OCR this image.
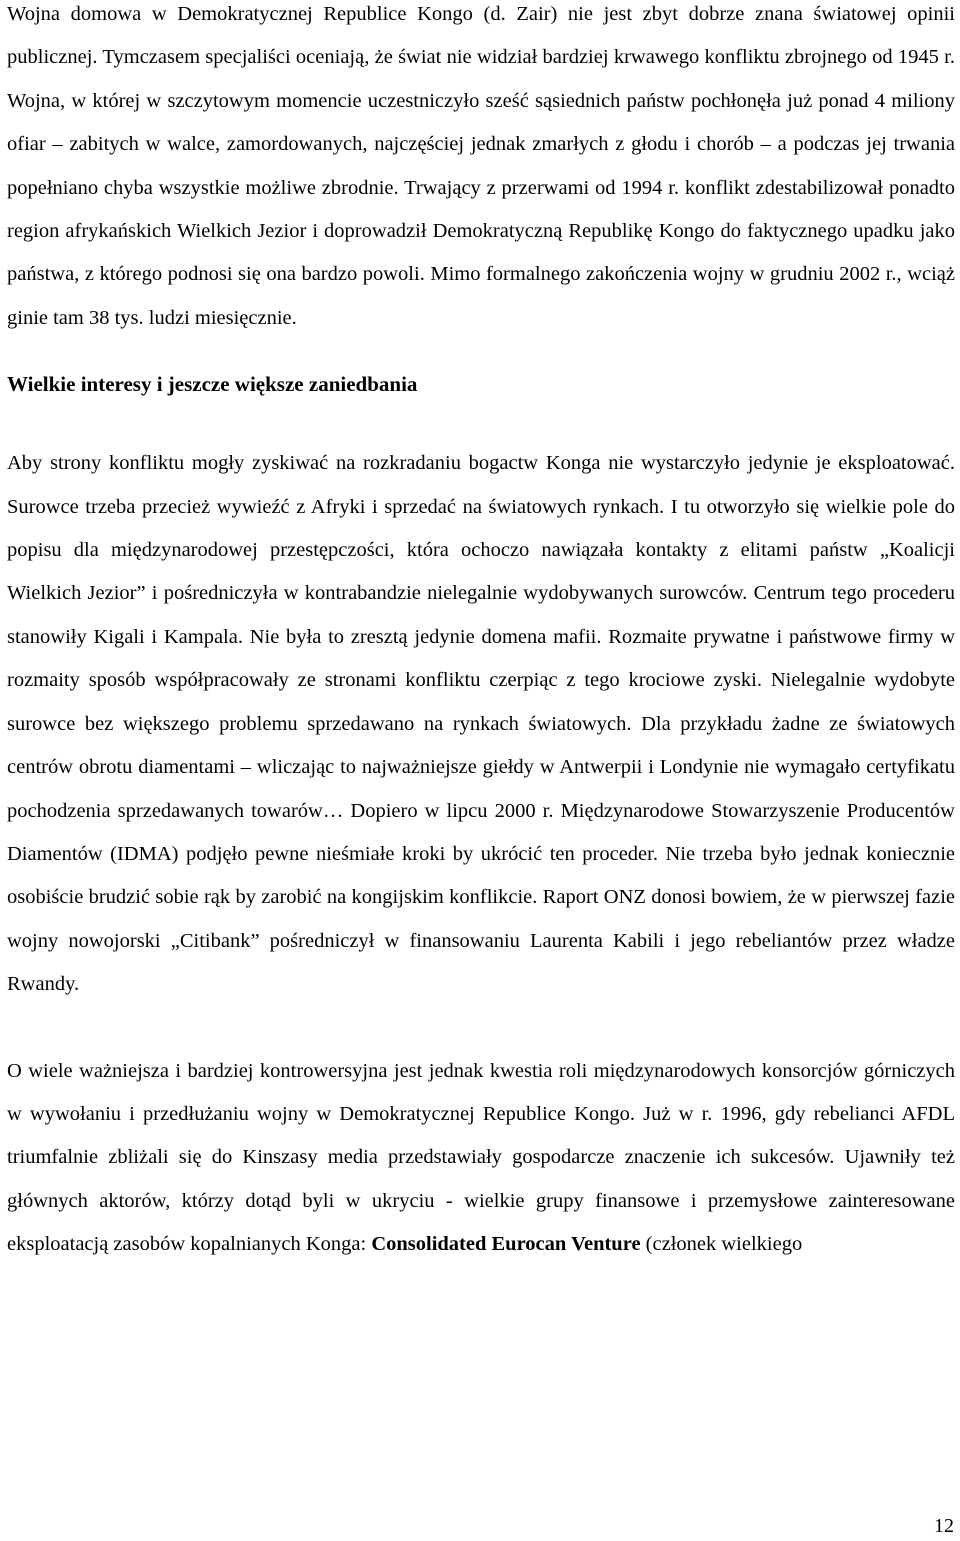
Wojna domowa w Demokratycznej Republice Kongo (d. Zair) nie jest zbyt dobrze znana światowej opinii publicznej. Tymczasem specjaliści oceniają, że świat nie widział bardziej krwawego konfliktu zbrojnego od 1945 r. Wojna, w której w szczytowym momencie uczestniczyło sześć sąsiednich państw pochłonęła już ponad 4 miliony ofiar – zabitych w walce, zamordowanych, najczęściej jednak zmarłych z głodu i chorób – a podczas jej trwania popełniano chyba wszystkie możliwe zbrodnie. Trwający z przerwami od 1994 r. konflikt zdestabilizował ponadto region afrykańskich Wielkich Jezior i doprowadził Demokratyczną Republikę Kongo do faktycznego upadku jako państwa, z którego podnosi się ona bardzo powoli. Mimo formalnego zakończenia wojny w grudniu 2002 r., wciąż ginie tam 38 tys. ludzi miesięcznie.

Wielkie interesy i jeszcze większe zaniedbania

Aby strony konfliktu mogły zyskiwać na rozkradaniu bogactw Konga nie wystarczyło jedynie je eksploatować. Surowce trzeba przecież wywieźć z Afryki i sprzedać na światowych rynkach. I tu otworzyło się wielkie pole do popisu dla międzynarodowej przestępczości, która ochoczo nawiązała kontakty z elitami państw „Koalicji Wielkich Jezior” i pośredniczyła w kontrabandzie nielegalnie wydobywanych surowców. Centrum tego procederu stanowiły Kigali i Kampala. Nie była to zresztą jedynie domena mafii. Rozmaite prywatne i państwowe firmy w rozmaity sposób współpracowały ze stronami konfliktu czerpiąc z tego krociowe zyski. Nielegalnie wydobyte surowce bez większego problemu sprzedawano na rynkach światowych. Dla przykładu żadne ze światowych centrów obrotu diamentami – wliczając to najważniejsze giełdy w Antwerpii i Londynie nie wymagało certyfikatu pochodzenia sprzedawanych towarów… Dopiero w lipcu 2000 r. Międzynarodowe Stowarzyszenie Producentów Diamentów (IDMA) podjęło pewne nieśmiałe kroki by ukrócić ten proceder. Nie trzeba było jednak koniecznie osobiście brudzić sobie rąk by zarobić na kongijskim konflikcie. Raport ONZ donosi bowiem, że w pierwszej fazie wojny nowojorski „Citibank” pośredniczył w finansowaniu Laurenta Kabili i jego rebeliantów przez władze Rwandy.

O wiele ważniejsza i bardziej kontrowersyjna jest jednak kwestia roli międzynarodowych konsorcjów górniczych w wywołaniu i przedłużaniu wojny w Demokratycznej Republice Kongo. Już w r. 1996, gdy rebelianci AFDL triumfalnie zbliżali się do Kinszasy media przedstawiały gospodarcze znaczenie ich sukcesów. Ujawniły też głównych aktorów, którzy dotąd byli w ukryciu - wielkie grupy finansowe i przemysłowe zainteresowane eksploatacją zasobów kopalnianych Konga: Consolidated Eurocan Venture (członek wielkiego

12
